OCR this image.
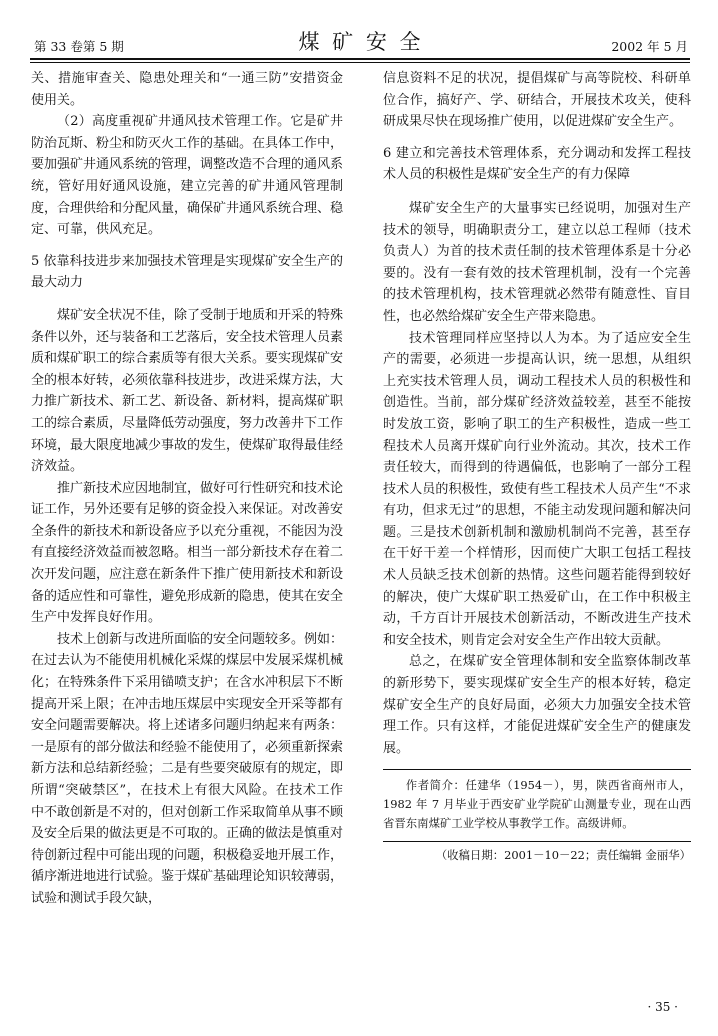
第 33 卷第 5 期	煤 矿 安 全	2002 年 5 月

关、措施审查关、隐患处理关和“一通三防”安措资金使用关。

（2）高度重视矿井通风技术管理工作。它是矿井防治瓦斯、粉尘和防灭火工作的基础。在具体工作中，要加强矿井通风系统的管理，调整改造不合理的通风系统，管好用好通风设施，建立完善的矿井通风管理制度，合理供给和分配风量，确保矿井通风系统合理、稳定、可靠，供风充足。

5 依靠科技进步来加强技术管理是实现煤矿安全生产的最大动力

煤矿安全状况不佳，除了受制于地质和开采的特殊条件以外，还与装备和工艺落后，安全技术管理人员素质和煤矿职工的综合素质等有很大关系。要实现煤矿安全的根本好转，必须依靠科技进步，改进采煤方法，大力推广新技术、新工艺、新设备、新材料，提高煤矿职工的综合素质，尽量降低劳动强度，努力改善井下工作环境，最大限度地减少事故的发生，使煤矿取得最佳经济效益。

推广新技术应因地制宜，做好可行性研究和技术论证工作，另外还要有足够的资金投入来保证。对改善安全条件的新技术和新设备应予以充分重视，不能因为没有直接经济效益而被忽略。相当一部分新技术存在着二次开发问题，应注意在新条件下推广使用新技术和新设备的适应性和可靠性，避免形成新的隐患，使其在安全生产中发挥良好作用。

技术上创新与改进所面临的安全问题较多。例如：在过去认为不能使用机械化采煤的煤层中发展采煤机械化；在特殊条件下采用锚喷支护；在含水冲积层下不断提高开采上限；在冲击地压煤层中实现安全开采等都有安全问题需要解决。将上述诸多问题归纳起来有两条：一是原有的部分做法和经验不能使用了，必须重新探索新方法和总结新经验；二是有些要突破原有的规定，即所谓“突破禁区”，在技术上有很大风险。在技术工作中不敢创新是不对的，但对创新工作采取简单从事不顾及安全后果的做法更是不可取的。正确的做法是慎重对待创新过程中可能出现的问题，积极稳妥地开展工作，循序渐进地进行试验。鉴于煤矿基础理论知识较薄弱，试验和测试手段欠缺，

信息资料不足的状况，提倡煤矿与高等院校、科研单位合作，搞好产、学、研结合，开展技术攻关，使科研成果尽快在现场推广使用，以促进煤矿安全生产。

6 建立和完善技术管理体系，充分调动和发挥工程技术人员的积极性是煤矿安全生产的有力保障

煤矿安全生产的大量事实已经说明，加强对生产技术的领导，明确职责分工，建立以总工程师（技术负责人）为首的技术责任制的技术管理体系是十分必要的。没有一套有效的技术管理机制，没有一个完善的技术管理机构，技术管理就必然带有随意性、盲目性，也必然给煤矿安全生产带来隐患。

技术管理同样应坚持以人为本。为了适应安全生产的需要，必须进一步提高认识，统一思想，从组织上充实技术管理人员，调动工程技术人员的积极性和创造性。当前，部分煤矿经济效益较差，甚至不能按时发放工资，影响了职工的生产积极性，造成一些工程技术人员离开煤矿向行业外流动。其次，技术工作责任较大，而得到的待遇偏低，也影响了一部分工程技术人员的积极性，致使有些工程技术人员产生“不求有功，但求无过”的思想，不能主动发现问题和解决问题。三是技术创新机制和激励机制尚不完善，甚至存在干好干差一个样情形，因而使广大职工包括工程技术人员缺乏技术创新的热情。这些问题若能得到较好的解决，使广大煤矿职工热爱矿山，在工作中积极主动，千方百计开展技术创新活动，不断改进生产技术和安全技术，则肯定会对安全生产作出较大贡献。

总之，在煤矿安全管理体制和安全监察体制改革的新形势下，要实现煤矿安全生产的根本好转，稳定煤矿安全生产的良好局面，必须大力加强安全技术管理工作。只有这样，才能促进煤矿安全生产的健康发展。

作者简介：任建华（1954－），男，陕西省商州市人，1982 年 7 月毕业于西安矿业学院矿山测量专业，现在山西省晋东南煤矿工业学校从事教学工作。高级讲师。

（收稿日期：2001－10－22；责任编辑 金丽华）

· 35 ·
